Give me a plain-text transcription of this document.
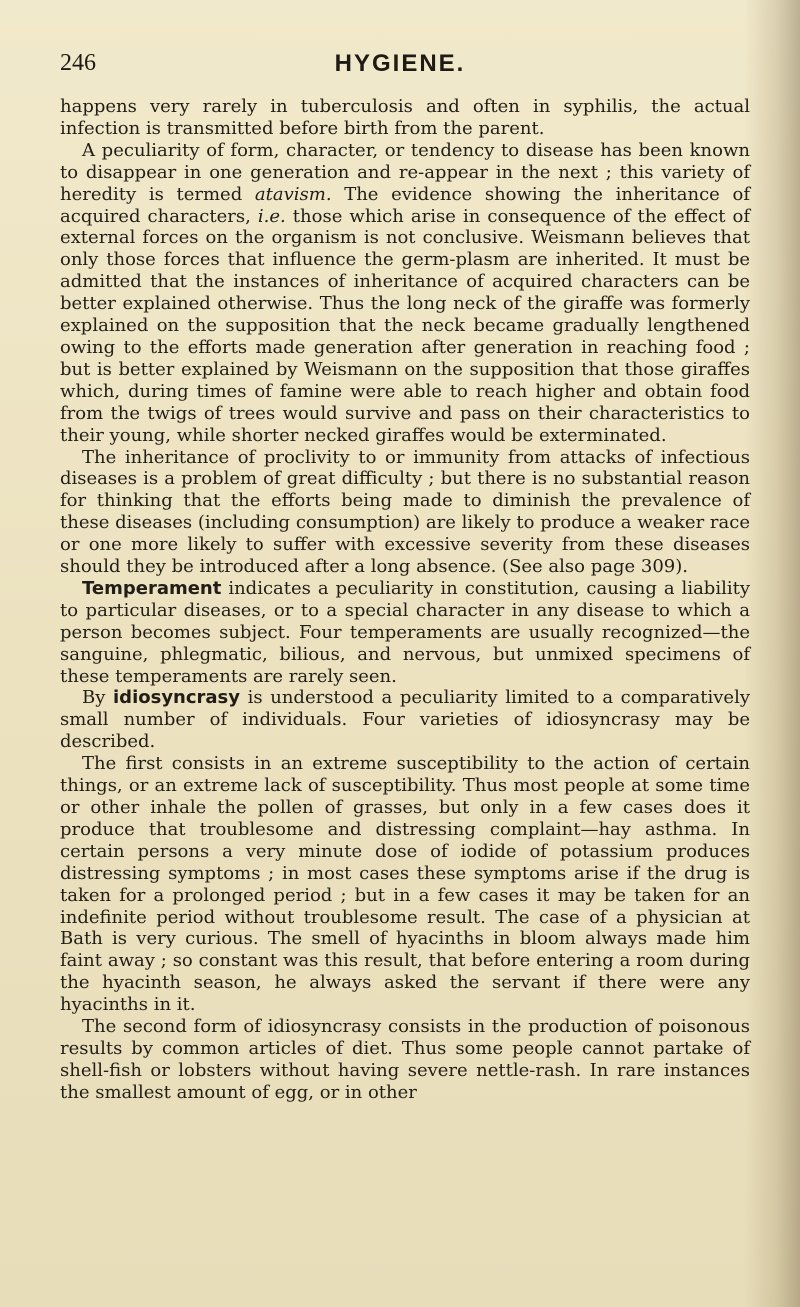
246	HYGIENE.

happens very rarely in tuberculosis and often in syphilis, the actual infection is transmitted before birth from the parent.

A peculiarity of form, character, or tendency to disease has been known to disappear in one generation and re-appear in the next ; this variety of heredity is termed atavism. The evidence showing the inheritance of acquired characters, i.e. those which arise in consequence of the effect of external forces on the organism is not conclusive. Weismann believes that only those forces that influence the germ-plasm are inherited. It must be admitted that the instances of inheritance of acquired characters can be better explained otherwise. Thus the long neck of the giraffe was formerly explained on the supposition that the neck became gradually lengthened owing to the efforts made generation after generation in reaching food ; but is better explained by Weismann on the supposition that those giraffes which, during times of famine were able to reach higher and obtain food from the twigs of trees would survive and pass on their characteristics to their young, while shorter necked giraffes would be exterminated.

The inheritance of proclivity to or immunity from attacks of infectious diseases is a problem of great difficulty ; but there is no substantial reason for thinking that the efforts being made to diminish the prevalence of these diseases (including consumption) are likely to produce a weaker race or one more likely to suffer with excessive severity from these diseases should they be introduced after a long absence. (See also page 309).

Temperament indicates a peculiarity in constitution, causing a liability to particular diseases, or to a special character in any disease to which a person becomes subject. Four temperaments are usually recognized—the sanguine, phlegmatic, bilious, and nervous, but unmixed specimens of these temperaments are rarely seen.

By idiosyncrasy is understood a peculiarity limited to a comparatively small number of individuals. Four varieties of idiosyncrasy may be described.

The first consists in an extreme susceptibility to the action of certain things, or an extreme lack of susceptibility. Thus most people at some time or other inhale the pollen of grasses, but only in a few cases does it produce that troublesome and distressing complaint—hay asthma. In certain persons a very minute dose of iodide of potassium produces distressing symptoms ; in most cases these symptoms arise if the drug is taken for a prolonged period ; but in a few cases it may be taken for an indefinite period without troublesome result. The case of a physician at Bath is very curious. The smell of hyacinths in bloom always made him faint away ; so constant was this result, that before entering a room during the hyacinth season, he always asked the servant if there were any hyacinths in it.

The second form of idiosyncrasy consists in the production of poisonous results by common articles of diet. Thus some people cannot partake of shell-fish or lobsters without having severe nettle-rash. In rare instances the smallest amount of egg, or in other
